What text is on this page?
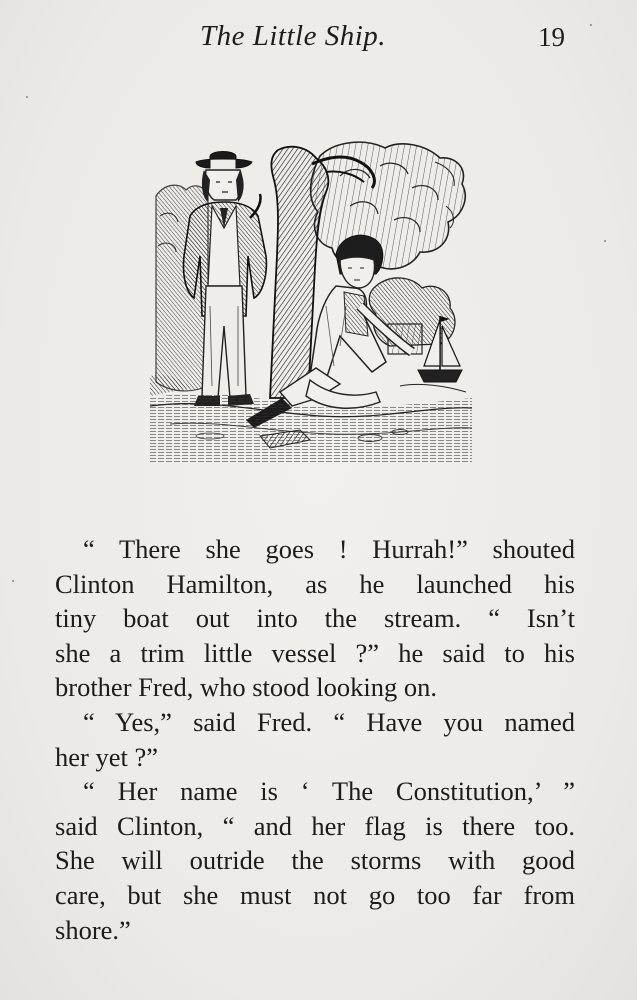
The Little Ship.	19

“ There she goes ! Hurrah!” shouted
Clinton Hamilton, as he launched his
tiny boat out into the stream. “ Isn’t
she a trim little vessel ?” he said to his
brother Fred, who stood looking on.

“ Yes,” said Fred. “ Have you named
her yet ?”

“ Her name is ‘ The Constitution,’ ”
said Clinton, “ and her flag is there too.
She will outride the storms with good
care, but she must not go too far from
shore.”
